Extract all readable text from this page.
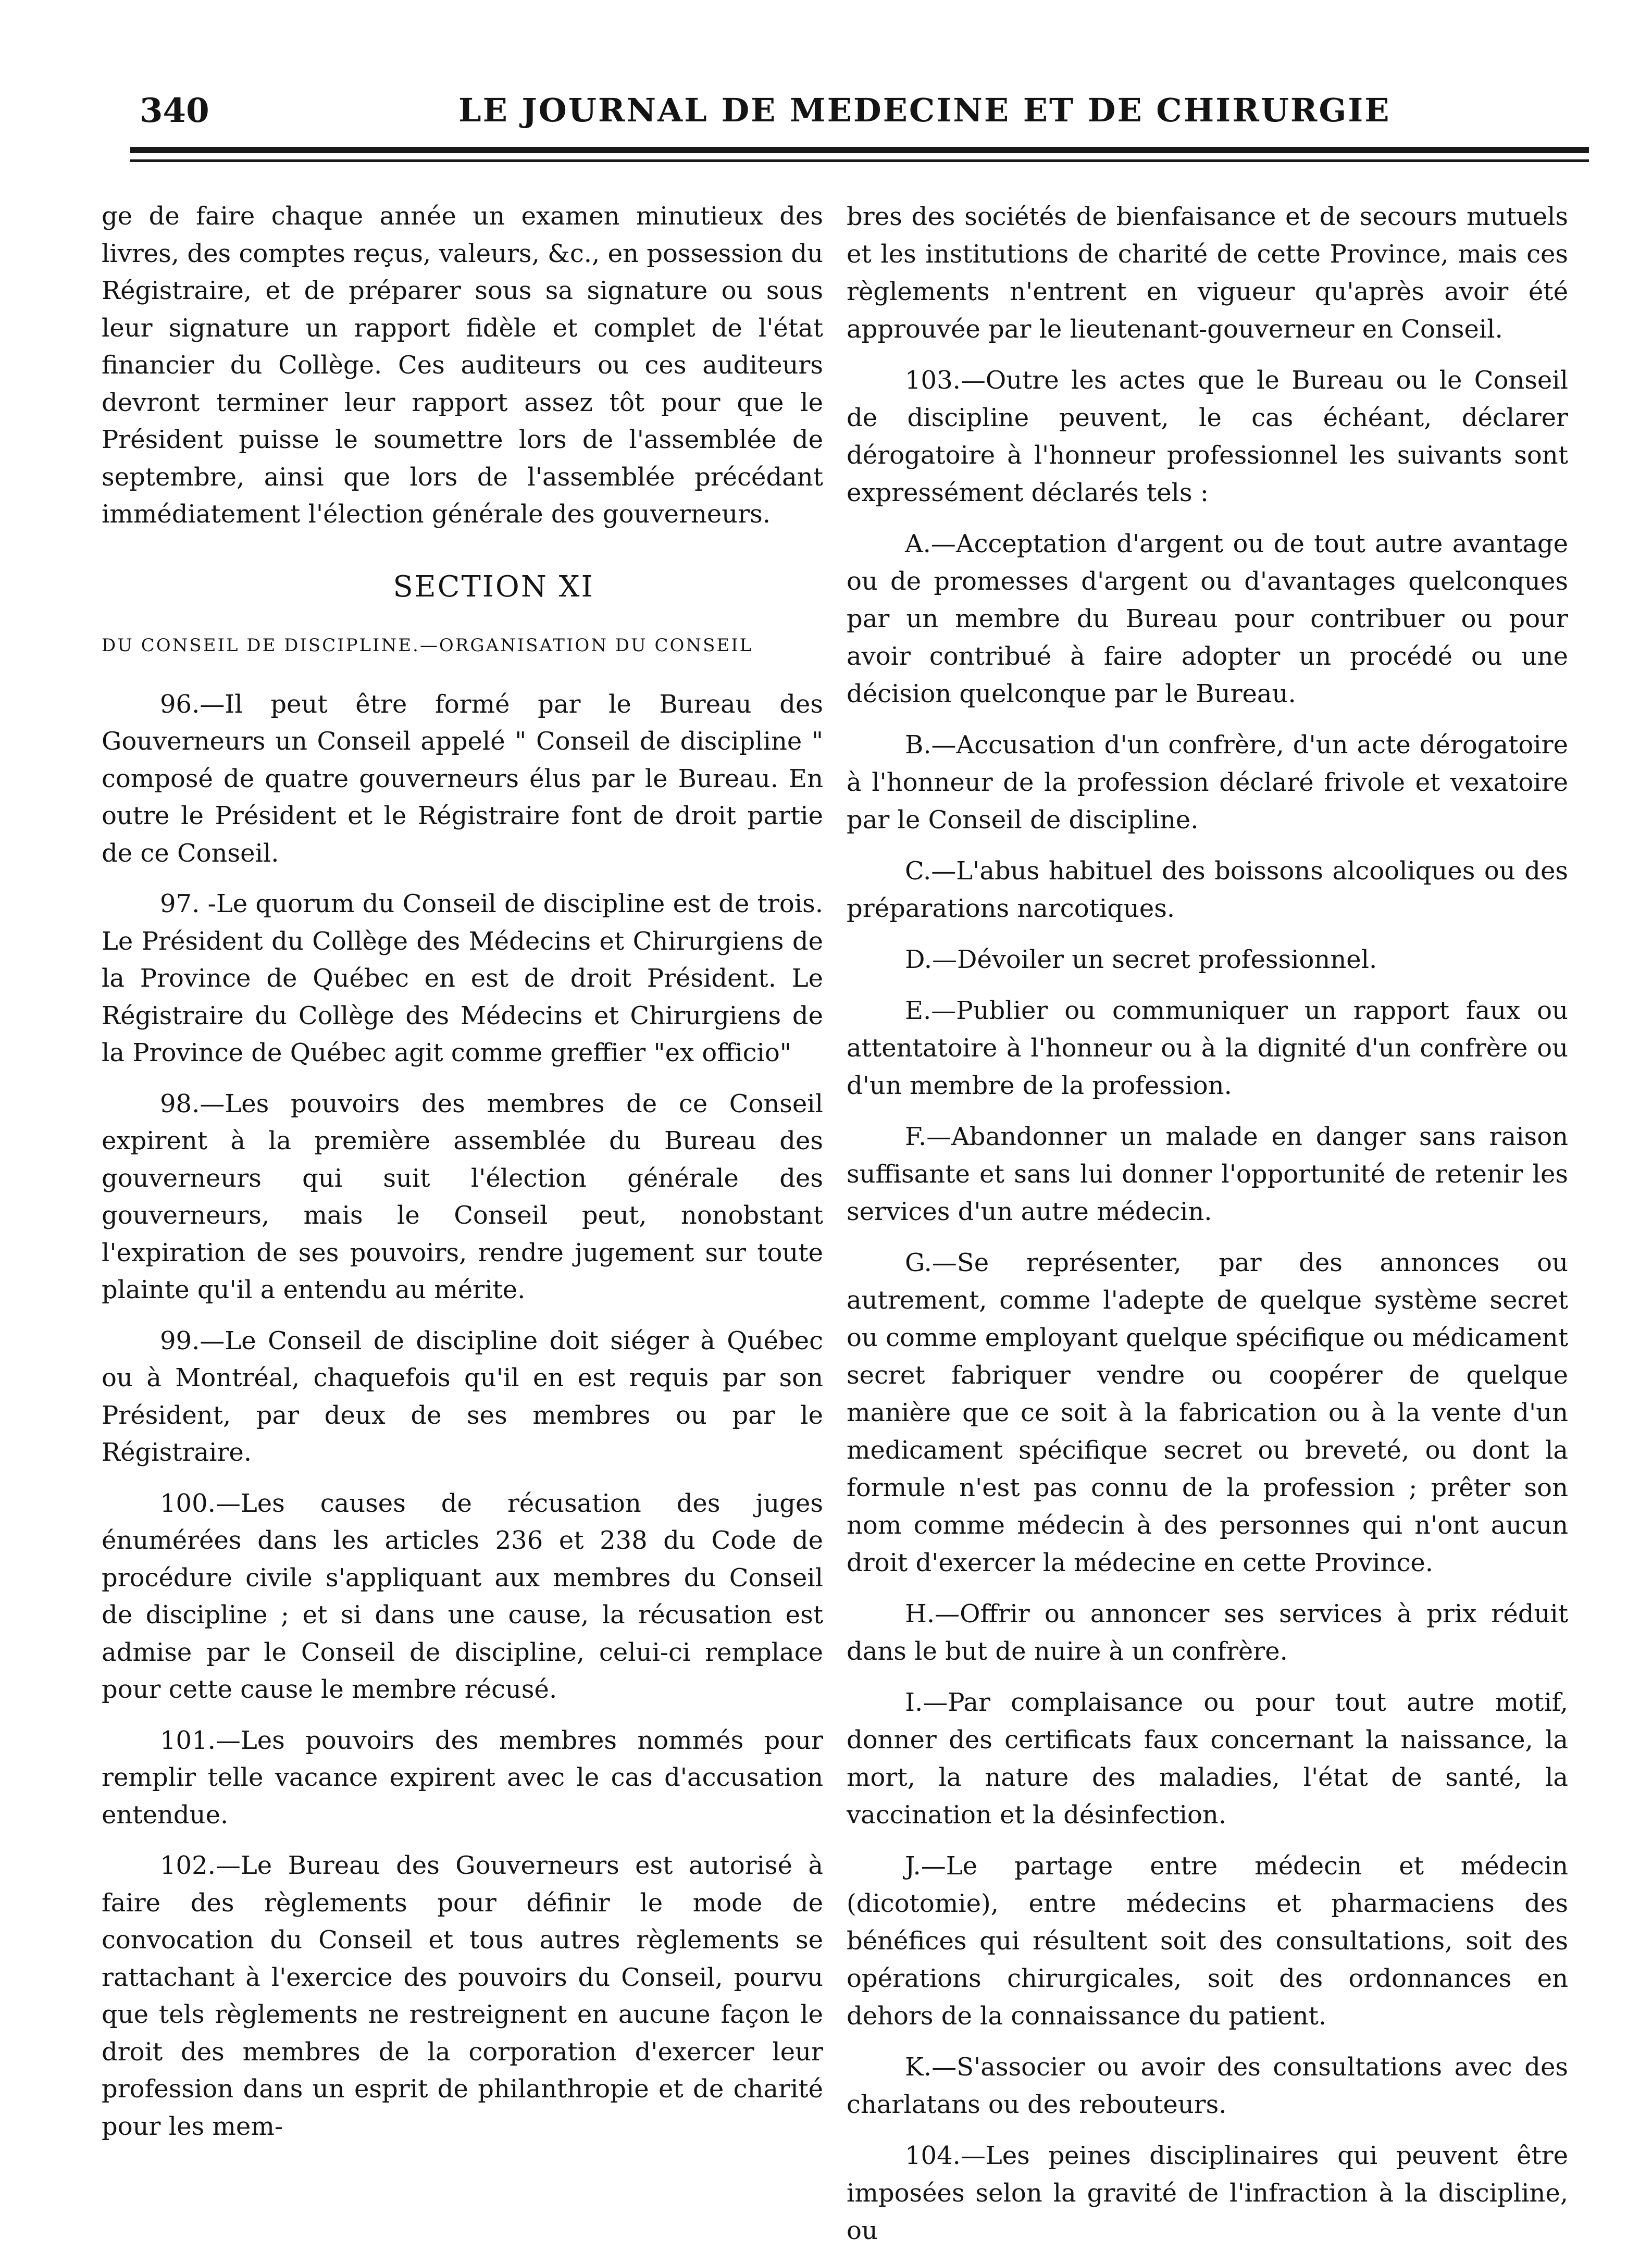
340	LE JOURNAL DE MEDECINE ET DE CHIRURGIE

ge de faire chaque année un examen minutieux des livres, des comptes reçus, valeurs, &c., en possession du Régistraire, et de préparer sous sa signature ou sous leur signature un rapport fidèle et complet de l'état financier du Collège. Ces auditeurs ou ces auditeurs devront terminer leur rapport assez tôt pour que le Président puisse le soumettre lors de l'assemblée de septembre, ainsi que lors de l'assemblée précédant immédiatement l'élection générale des gouverneurs.

SECTION XI
DU CONSEIL DE DISCIPLINE.—ORGANISATION DU CONSEIL

96.—Il peut être formé par le Bureau des Gouverneurs un Conseil appelé " Conseil de discipline " composé de quatre gouverneurs élus par le Bureau. En outre le Président et le Régistraire font de droit partie de ce Conseil.

97. -Le quorum du Conseil de discipline est de trois. Le Président du Collège des Médecins et Chirurgiens de la Province de Québec en est de droit Président. Le Régistraire du Collège des Médecins et Chirurgiens de la Province de Québec agit comme greffier "ex officio"

98.—Les pouvoirs des membres de ce Conseil expirent à la première assemblée du Bureau des gouverneurs qui suit l'élection générale des gouverneurs, mais le Conseil peut, nonobstant l'expiration de ses pouvoirs, rendre jugement sur toute plainte qu'il a entendu au mérite.

99.—Le Conseil de discipline doit siéger à Québec ou à Montréal, chaquefois qu'il en est requis par son Président, par deux de ses membres ou par le Régistraire.

100.—Les causes de récusation des juges énumérées dans les articles 236 et 238 du Code de procédure civile s'appliquant aux membres du Conseil de discipline ; et si dans une cause, la récusation est admise par le Conseil de discipline, celui-ci remplace pour cette cause le membre récusé.

101.—Les pouvoirs des membres nommés pour remplir telle vacance expirent avec le cas d'accusation entendue.

102.—Le Bureau des Gouverneurs est autorisé à faire des règlements pour définir le mode de convocation du Conseil et tous autres règlements se rattachant à l'exercice des pouvoirs du Conseil, pourvu que tels règlements ne restreignent en aucune façon le droit des membres de la corporation d'exercer leur profession dans un esprit de philanthropie et de charité pour les mem-

bres des sociétés de bienfaisance et de secours mutuels et les institutions de charité de cette Province, mais ces règlements n'entrent en vigueur qu'après avoir été approuvée par le lieutenant-gouverneur en Conseil.

103.—Outre les actes que le Bureau ou le Conseil de discipline peuvent, le cas échéant, déclarer dérogatoire à l'honneur professionnel les suivants sont expressément déclarés tels :

A.—Acceptation d'argent ou de tout autre avantage ou de promesses d'argent ou d'avantages quelconques par un membre du Bureau pour contribuer ou pour avoir contribué à faire adopter un procédé ou une décision quelconque par le Bureau.

B.—Accusation d'un confrère, d'un acte dérogatoire à l'honneur de la profession déclaré frivole et vexatoire par le Conseil de discipline.

C.—L'abus habituel des boissons alcooliques ou des préparations narcotiques.

D.—Dévoiler un secret professionnel.

E.—Publier ou communiquer un rapport faux ou attentatoire à l'honneur ou à la dignité d'un confrère ou d'un membre de la profession.

F.—Abandonner un malade en danger sans raison suffisante et sans lui donner l'opportunité de retenir les services d'un autre médecin.

G.—Se représenter, par des annonces ou autrement, comme l'adepte de quelque système secret ou comme employant quelque spécifique ou médicament secret fabriquer vendre ou coopérer de quelque manière que ce soit à la fabrication ou à la vente d'un medicament spécifique secret ou breveté, ou dont la formule n'est pas connu de la profession ; prêter son nom comme médecin à des personnes qui n'ont aucun droit d'exercer la médecine en cette Province.

H.—Offrir ou annoncer ses services à prix réduit dans le but de nuire à un confrère.

I.—Par complaisance ou pour tout autre motif, donner des certificats faux concernant la naissance, la mort, la nature des maladies, l'état de santé, la vaccination et la désinfection.

J.—Le partage entre médecin et médecin (dicotomie), entre médecins et pharmaciens des bénéfices qui résultent soit des consultations, soit des opérations chirurgicales, soit des ordonnances en dehors de la connaissance du patient.

K.—S'associer ou avoir des consultations avec des charlatans ou des rebouteurs.

104.—Les peines disciplinaires qui peuvent être imposées selon la gravité de l'infraction à la discipline, ou
